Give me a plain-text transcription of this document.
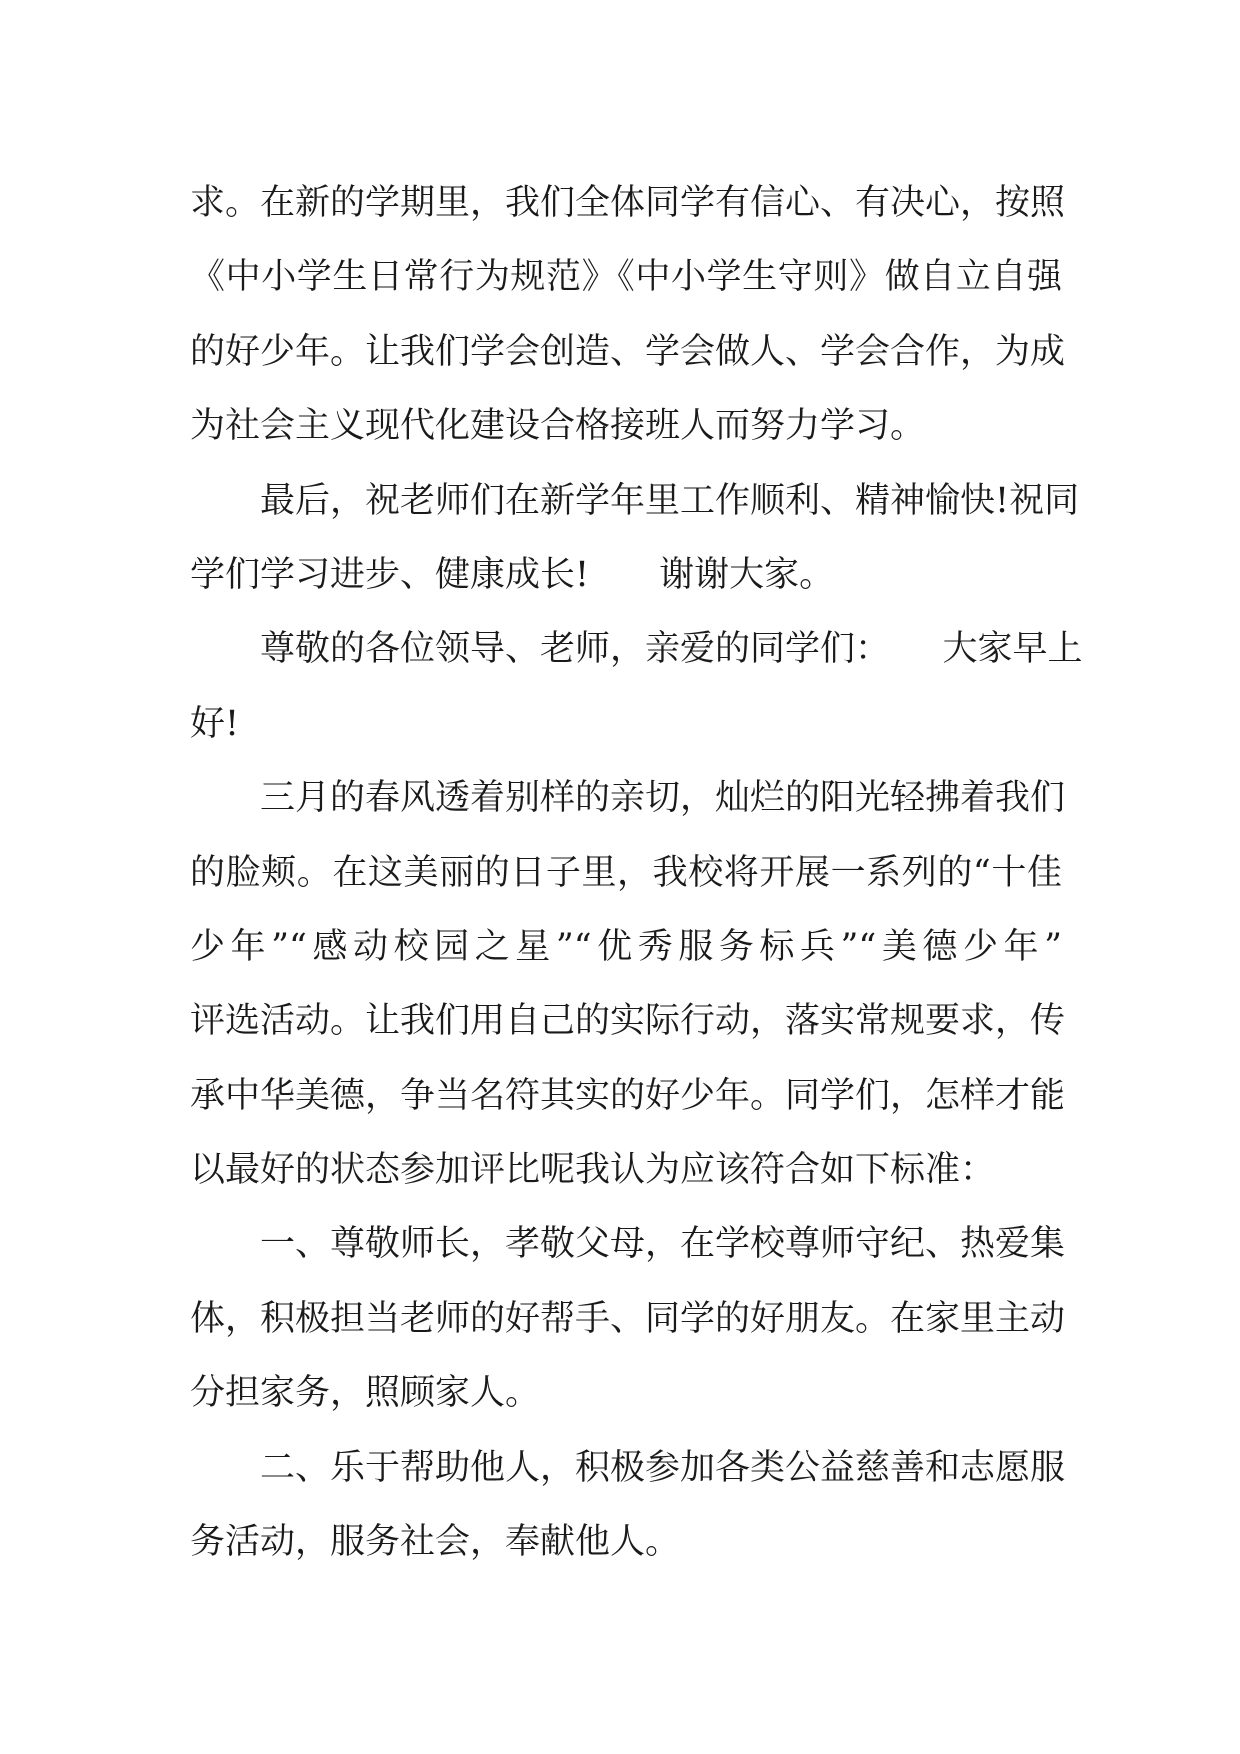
求。在新的学期里，我们全体同学有信心、有决心，按照
《中小学生日常行为规范》《中小学生守则》做自立自强
的好少年。让我们学会创造、学会做人、学会合作，为成
为社会主义现代化建设合格接班人而努力学习。
　　最后，祝老师们在新学年里工作顺利、精神愉快!祝同
学们学习进步、健康成长!　　谢谢大家。
　　尊敬的各位领导、老师，亲爱的同学们：　　大家早上
好!
　　三月的春风透着别样的亲切，灿烂的阳光轻拂着我们
的脸颊。在这美丽的日子里，我校将开展一系列的“十佳
少年”“感动校园之星”“优秀服务标兵”“美德少年”
评选活动。让我们用自己的实际行动，落实常规要求，传
承中华美德，争当名符其实的好少年。同学们，怎样才能
以最好的状态参加评比呢我认为应该符合如下标准：
　　一、尊敬师长，孝敬父母，在学校尊师守纪、热爱集
体，积极担当老师的好帮手、同学的好朋友。在家里主动
分担家务，照顾家人。
　　二、乐于帮助他人，积极参加各类公益慈善和志愿服
务活动，服务社会，奉献他人。
